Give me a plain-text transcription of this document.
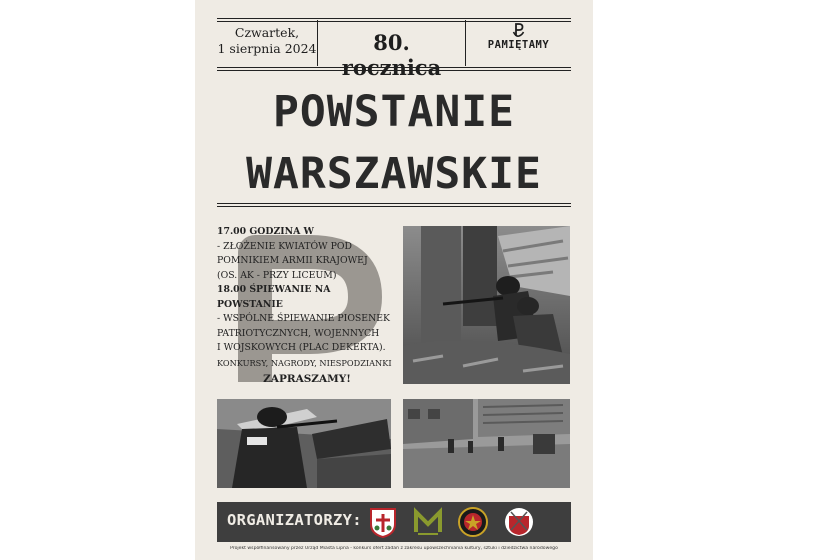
Czwartek,
1 sierpnia 2024	80. rocznica
PAMIĘTAMY
POWSTANIE
WARSZAWSKIE
17.00 GODZINA W
- ZŁOŻENIE KWIATÓW POD
POMNIKIEM ARMII KRAJOWEJ
(OS. AK - PRZY LICEUM)
18.00 ŚPIEWANIE NA POWSTANIE
- WSPÓLNE ŚPIEWANIE PIOSENEK
PATRIOTYCZNYCH, WOJENNYCH
I WOJSKOWYCH (PLAC DEKERTA).
KONKURSY, NAGRODY, NIESPODZIANKI
ZAPRASZAMY!
ORGANIZATORZY:
Projekt współfinansowany przez Urząd Miasta Lipna - konkurs ofert zadań z zakresu upowszechniania kultury, sztuki i dziedzictwa narodowego
